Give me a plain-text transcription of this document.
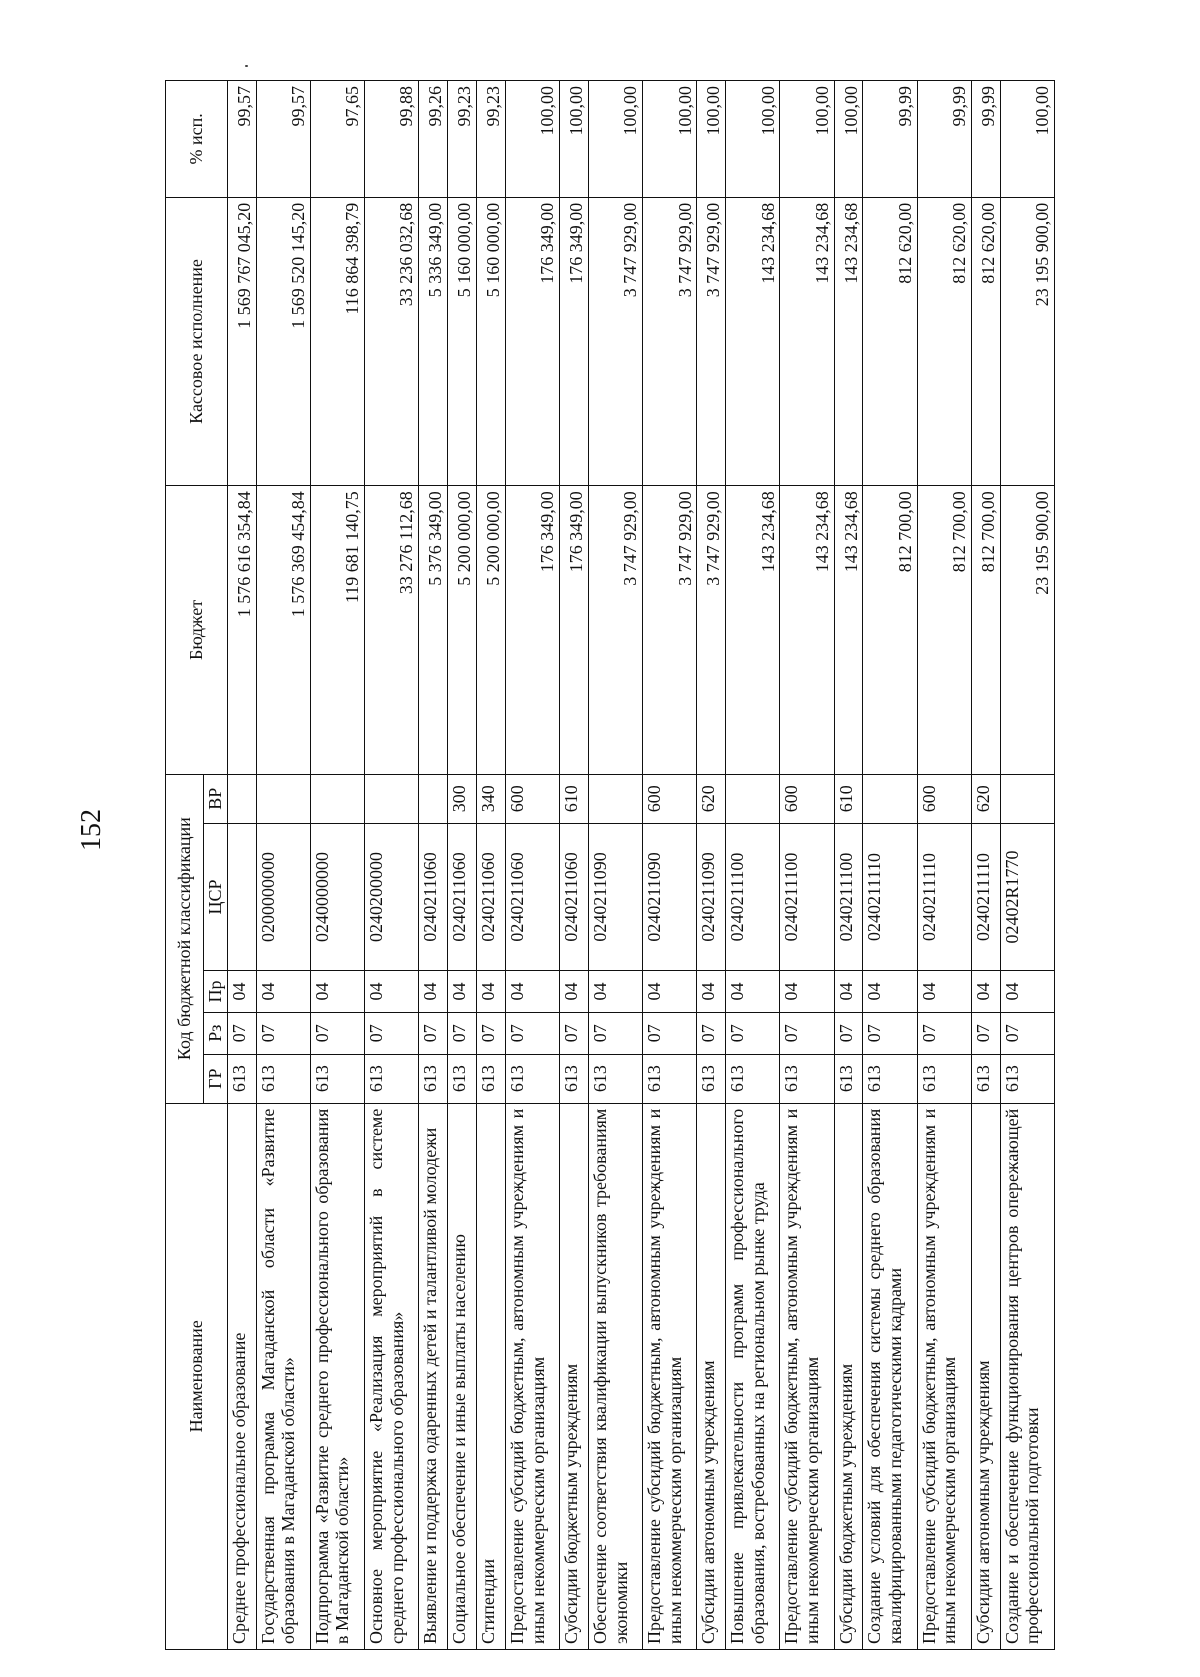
152
Наименование	Код бюджетной классификации					Бюджет	Кассовое исполнение	% исп.
	ГР	Рз	Пр	ЦСР	ВР			
Среднее профессиональное образование	613	07	04			1 576 616 354,84	1 569 767 045,20	99,57
Государственная программа Магаданской области «Развитие образования в Магаданской области»	613	07	04	0200000000		1 576 369 454,84	1 569 520 145,20	99,57
Подпрограмма «Развитие среднего профессионального образования в Магаданской области»	613	07	04	0240000000		119 681 140,75	116 864 398,79	97,65
Основное мероприятие «Реализация мероприятий в системе среднего профессионального образования»	613	07	04	0240200000		33 276 112,68	33 236 032,68	99,88
Выявление и поддержка одаренных детей и талантливой молодежи	613	07	04	0240211060		5 376 349,00	5 336 349,00	99,26
Социальное обеспечение и иные выплаты населению	613	07	04	0240211060	300	5 200 000,00	5 160 000,00	99,23
Стипендии	613	07	04	0240211060	340	5 200 000,00	5 160 000,00	99,23
Предоставление субсидий бюджетным, автономным учреждениям и иным некоммерческим организациям	613	07	04	0240211060	600	176 349,00	176 349,00	100,00
Субсидии бюджетным учреждениям	613	07	04	0240211060	610	176 349,00	176 349,00	100,00
Обеспечение соответствия квалификации выпускников требованиям экономики	613	07	04	0240211090		3 747 929,00	3 747 929,00	100,00
Предоставление субсидий бюджетным, автономным учреждениям и иным некоммерческим организациям	613	07	04	0240211090	600	3 747 929,00	3 747 929,00	100,00
Субсидии автономным учреждениям	613	07	04	0240211090	620	3 747 929,00	3 747 929,00	100,00
Повышение привлекательности программ профессионального образования, востребованных на региональном рынке труда	613	07	04	0240211100		143 234,68	143 234,68	100,00
Предоставление субсидий бюджетным, автономным учреждениям и иным некоммерческим организациям	613	07	04	0240211100	600	143 234,68	143 234,68	100,00
Субсидии бюджетным учреждениям	613	07	04	0240211100	610	143 234,68	143 234,68	100,00
Создание условий для обеспечения системы среднего образования квалифицированными педагогическими кадрами	613	07	04	0240211110		812 700,00	812 620,00	99,99
Предоставление субсидий бюджетным, автономным учреждениям и иным некоммерческим организациям	613	07	04	0240211110	600	812 700,00	812 620,00	99,99
Субсидии автономным учреждениям	613	07	04	0240211110	620	812 700,00	812 620,00	99,99
Создание и обеспечение функционирования центров опережающей профессиональной подготовки	613	07	04	02402R1770		23 195 900,00	23 195 900,00	100,00
